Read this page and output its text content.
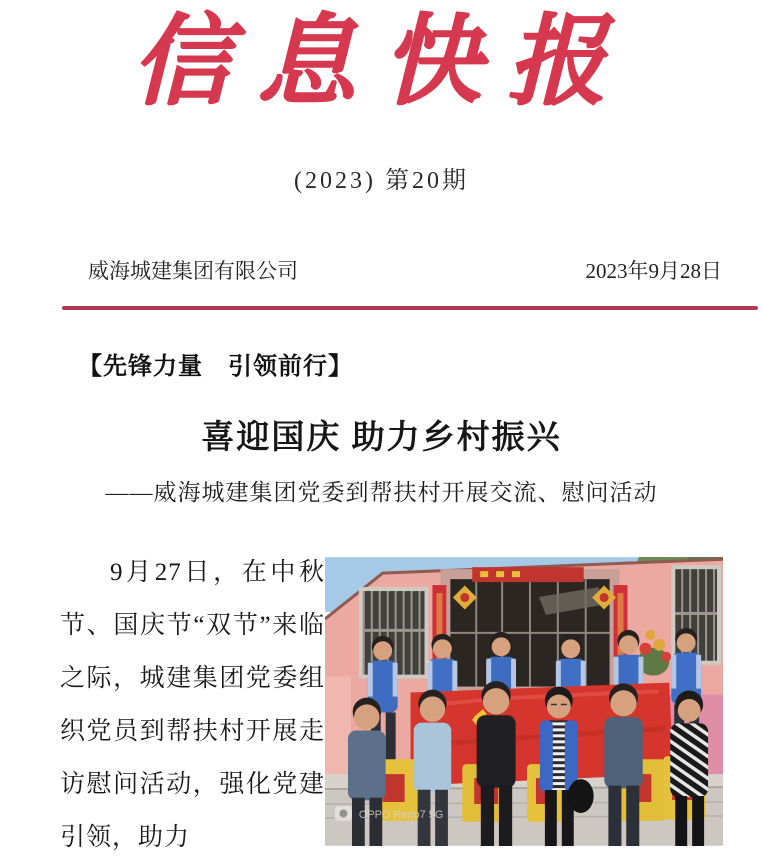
信息快报
(2023) 第20期
威海城建集团有限公司	2023年9月28日
【先锋力量　引领前行】
喜迎国庆 助力乡村振兴
——威海城建集团党委到帮扶村开展交流、慰问活动
9月27日，在中秋节、国庆节“双节”来临之际，城建集团党委组织党员到帮扶村开展走访慰问活动，强化党建引领，助力
OPPO Reno7 5G
